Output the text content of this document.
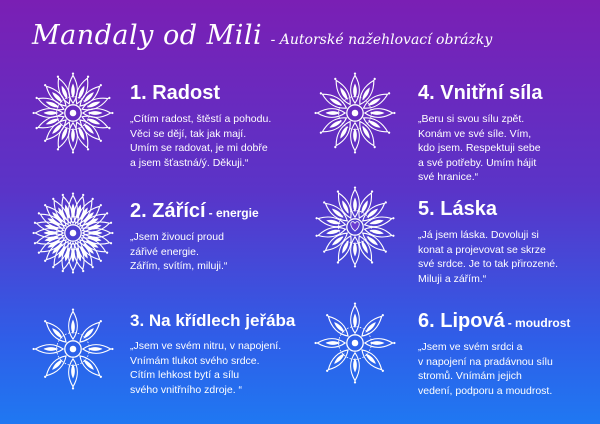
Mandaly od Mili - Autorské nažehlovací obrázky
1. Radost

„Cítím radost, štěstí a pohodu.
Věci se dějí, tak jak mají.
Umím se radovat, je mi dobře
a jsem šťastná/ý. Děkuji.“

2. Zářící - energie

„Jsem živoucí proud
zářivé energie.
Zářím, svítím, miluji.“

3. Na křídlech jeřába

„Jsem ve svém nitru, v napojení.
Vnímám tlukot svého srdce.
Cítím lehkost bytí a sílu
svého vnitřního zdroje. “

4. Vnitřní síla

„Beru si svou sílu zpět.
Konám ve své síle. Vím,
kdo jsem. Respektuji sebe
a své potřeby. Umím hájit
své hranice.“

5. Láska

„Já jsem láska. Dovoluji si
konat a projevovat se skrze
své srdce. Je to tak přirozené.
Miluji a zářím.“

6. Lipová - moudrost

„Jsem ve svém srdci a
v napojení na pradávnou sílu
stromů. Vnímám jejich
vedení, podporu a moudrost.
